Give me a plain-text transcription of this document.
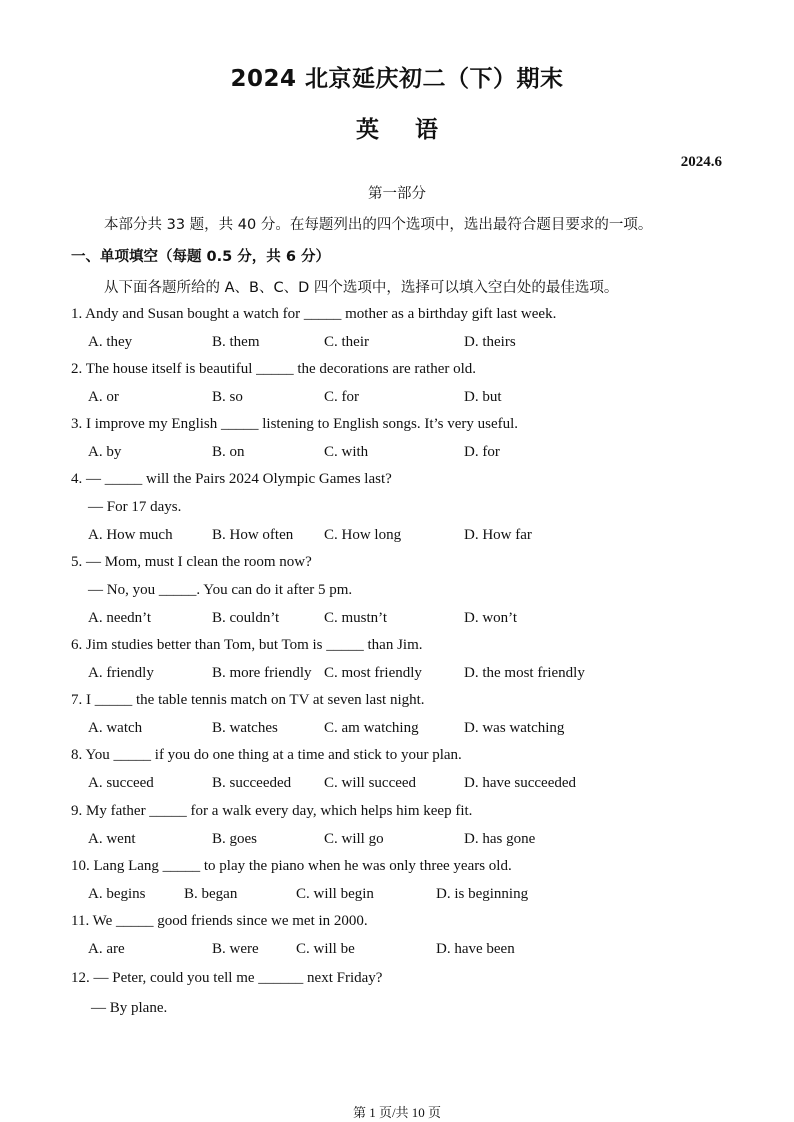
2024 北京延庆初二（下）期末
英语
2024.6
第一部分
本部分共 33 题，共 40 分。在每题列出的四个选项中，选出最符合题目要求的一项。
一、单项填空（每题 0.5 分，共 6 分）
从下面各题所给的 A、B、C、D 四个选项中，选择可以填入空白处的最佳选项。
1. Andy and Susan bought a watch for _____ mother as a birthday gift last week.
A. they	B. them	C. their	D. theirs
2. The house itself is beautiful _____ the decorations are rather old.
A. or	B. so	C. for	D. but
3. I improve my English _____ listening to English songs. It’s very useful.
A. by	B. on	C. with	D. for
4. — _____ will the Pairs 2024 Olympic Games last?
— For 17 days.
A. How much	B. How often C. How long	D. How far
5. — Mom, must I clean the room now?
— No, you _____. You can do it after 5 pm.
A. needn’t	B. couldn’t	C. mustn’t	D. won’t
6. Jim studies better than Tom, but Tom is _____ than Jim.
A. friendly	B. more friendly C. most friendly	D. the most friendly
7. I _____ the table tennis match on TV at seven last night.
A. watch	B. watches	C. am watching	D. was watching
8. You _____ if you do one thing at a time and stick to your plan.
A. succeed	B. succeeded C. will succeed	D. have succeeded
9. My father _____ for a walk every day, which helps him keep fit.
A. went	B. goes	C. will go	D. has gone
10. Lang Lang _____ to play the piano when he was only three years old.
A. begins	B. began	C. will begin	D. is beginning
11. We _____ good friends since we met in 2000.
A. are	B. were C. will be	D. have been
12. — Peter, could you tell me ______ next Friday?
— By plane.
第 1 页/共 10 页
